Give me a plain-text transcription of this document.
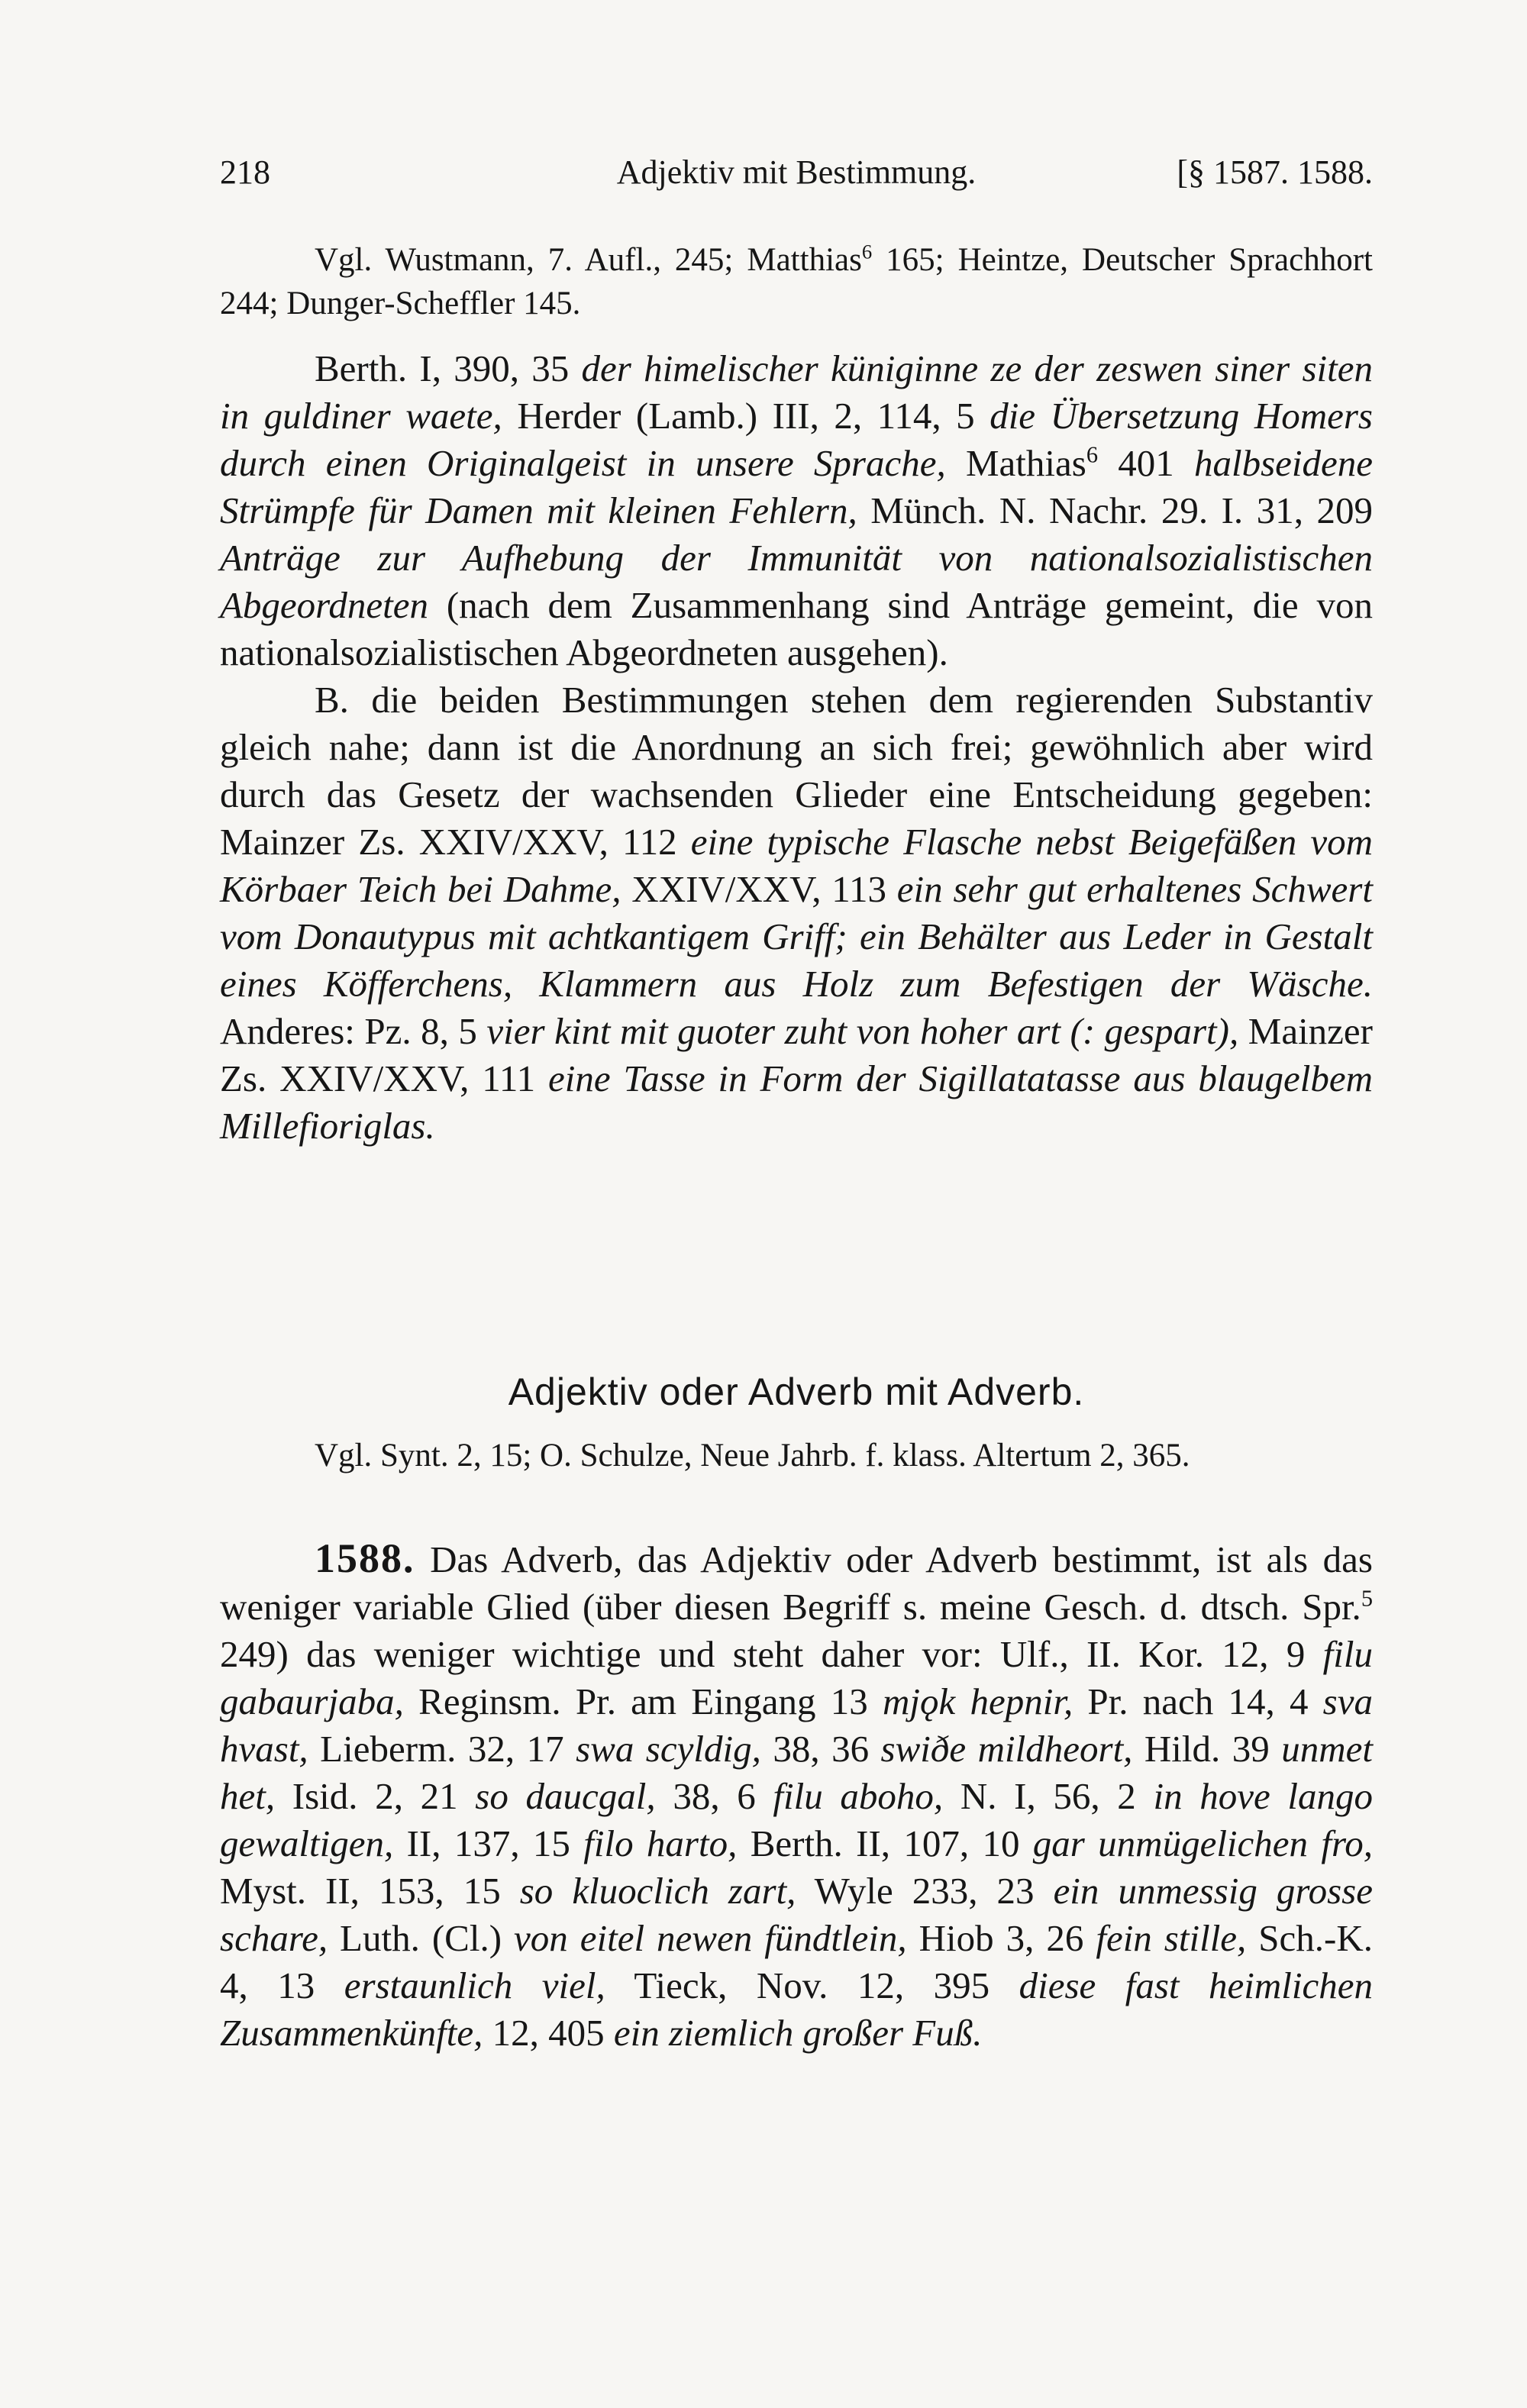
218	Adjektiv mit Bestimmung.	[§ 1587. 1588.

Vgl. Wustmann, 7. Aufl., 245; Matthias$^6$ 165; Heintze, Deutscher Sprachhort 244; Dunger-Scheffler 145.

Berth. I, 390, 35 der himelischer küniginne ze der zeswen siner siten in guldiner waete, Herder (Lamb.) III, 2, 114, 5 die Übersetzung Homers durch einen Originalgeist in unsere Sprache, Mathias$^6$ 401 halbseidene Strümpfe für Damen mit kleinen Fehlern, Münch. N. Nachr. 29. I. 31, 209 Anträge zur Aufhebung der Immunität von nationalsozialistischen Abgeordneten (nach dem Zusammenhang sind Anträge gemeint, die von nationalsozialistischen Abgeordneten ausgehen).

B. die beiden Bestimmungen stehen dem regierenden Substantiv gleich nahe; dann ist die Anordnung an sich frei; gewöhnlich aber wird durch das Gesetz der wachsenden Glieder eine Entscheidung gegeben: Mainzer Zs. XXIV/XXV, 112 eine typische Flasche nebst Beigefäßen vom Körbaer Teich bei Dahme, XXIV/XXV, 113 ein sehr gut erhaltenes Schwert vom Donautypus mit achtkantigem Griff; ein Behälter aus Leder in Gestalt eines Köfferchens, Klammern aus Holz zum Befestigen der Wäsche. Anderes: Pz. 8, 5 vier kint mit guoter zuht von hoher art (: gespart), Mainzer Zs. XXIV/XXV, 111 eine Tasse in Form der Sigillatatasse aus blaugelbem Millefioriglas.

Adjektiv oder Adverb mit Adverb.

Vgl. Synt. 2, 15; O. Schulze, Neue Jahrb. f. klass. Altertum 2, 365.

1588. Das Adverb, das Adjektiv oder Adverb bestimmt, ist als das weniger variable Glied (über diesen Begriff s. meine Gesch. d. dtsch. Spr.$^5$ 249) das weniger wichtige und steht daher vor: Ulf., II. Kor. 12, 9 filu gabaurjaba, Reginsm. Pr. am Eingang 13 mjǫk hepnir, Pr. nach 14, 4 sva hvast, Lieberm. 32, 17 swa scyldig, 38, 36 swiðe mildheort, Hild. 39 unmet het, Isid. 2, 21 so daucgal, 38, 6 filu aboho, N. I, 56, 2 in hove lango gewaltigen, II, 137, 15 filo harto, Berth. II, 107, 10 gar unmügelichen fro, Myst. II, 153, 15 so kluoclich zart, Wyle 233, 23 ein unmessig grosse schare, Luth. (Cl.) von eitel newen fündtlein, Hiob 3, 26 fein stille, Sch.-K. 4, 13 erstaunlich viel, Tieck, Nov. 12, 395 diese fast heimlichen Zusammenkünfte, 12, 405 ein ziemlich großer Fuß.
